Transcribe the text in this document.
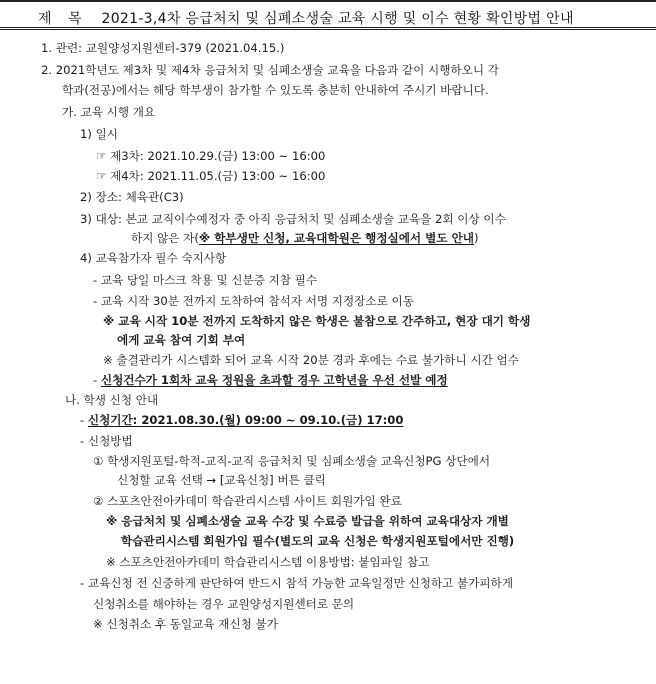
제 목 2021-3,4차 응급처치 및 심폐소생술 교육 시행 및 이수 현황 확인방법 안내
1. 관련: 교원양성지원센터-379 (2021.04.15.)
2. 2021학년도 제3차 및 제4차 응급처치 및 심폐소생술 교육을 다음과 같이 시행하오니 각
학과(전공)에서는 해당 학부생이 참가할 수 있도록 충분히 안내하여 주시기 바랍니다.
가. 교육 시행 개요
1) 일시
☞ 제3차: 2021.10.29.(금) 13:00 ~ 16:00
☞ 제4차: 2021.11.05.(금) 13:00 ~ 16:00
2) 장소: 체육관(C3)
3) 대상: 본교 교직이수예정자 중 아직 응급처치 및 심폐소생술 교육을 2회 이상 이수
하지 않은 자(※ 학부생만 신청, 교육대학원은 행정실에서 별도 안내)
4) 교육참가자 필수 숙지사항
- 교육 당일 마스크 착용 및 신분증 지참 필수
- 교육 시작 30분 전까지 도착하여 참석자 서명 지정장소로 이동
※ 교육 시작 10분 전까지 도착하지 않은 학생은 불참으로 간주하고, 현장 대기 학생
에게 교육 참여 기회 부여
※ 출결관리가 시스템화 되어 교육 시작 20분 경과 후에는 수료 불가하니 시간 엄수
- 신청건수가 1회차 교육 정원을 초과할 경우 고학년을 우선 선발 예정
나. 학생 신청 안내
- 신청기간: 2021.08.30.(월) 09:00 ~ 09.10.(금) 17:00
- 신청방법
① 학생지원포털-학적-교직-교직 응급처치 및 심폐소생술 교육신청PG 상단에서
신청할 교육 선택 → [교육신청] 버튼 클릭
② 스포츠안전아카데미 학습관리시스템 사이트 회원가입 완료
※ 응급처치 및 심폐소생술 교육 수강 및 수료증 발급을 위하여 교육대상자 개별
학습관리시스템 회원가입 필수(별도의 교육 신청은 학생지원포털에서만 진행)
※ 스포츠안전아카데미 학습관리시스템 이용방법: 붙임파일 참고
- 교육신청 전 신중하게 판단하여 반드시 참석 가능한 교육일정만 신청하고 불가피하게
신청취소를 해야하는 경우 교원양성지원센터로 문의
※ 신청취소 후 동일교육 재신청 불가
